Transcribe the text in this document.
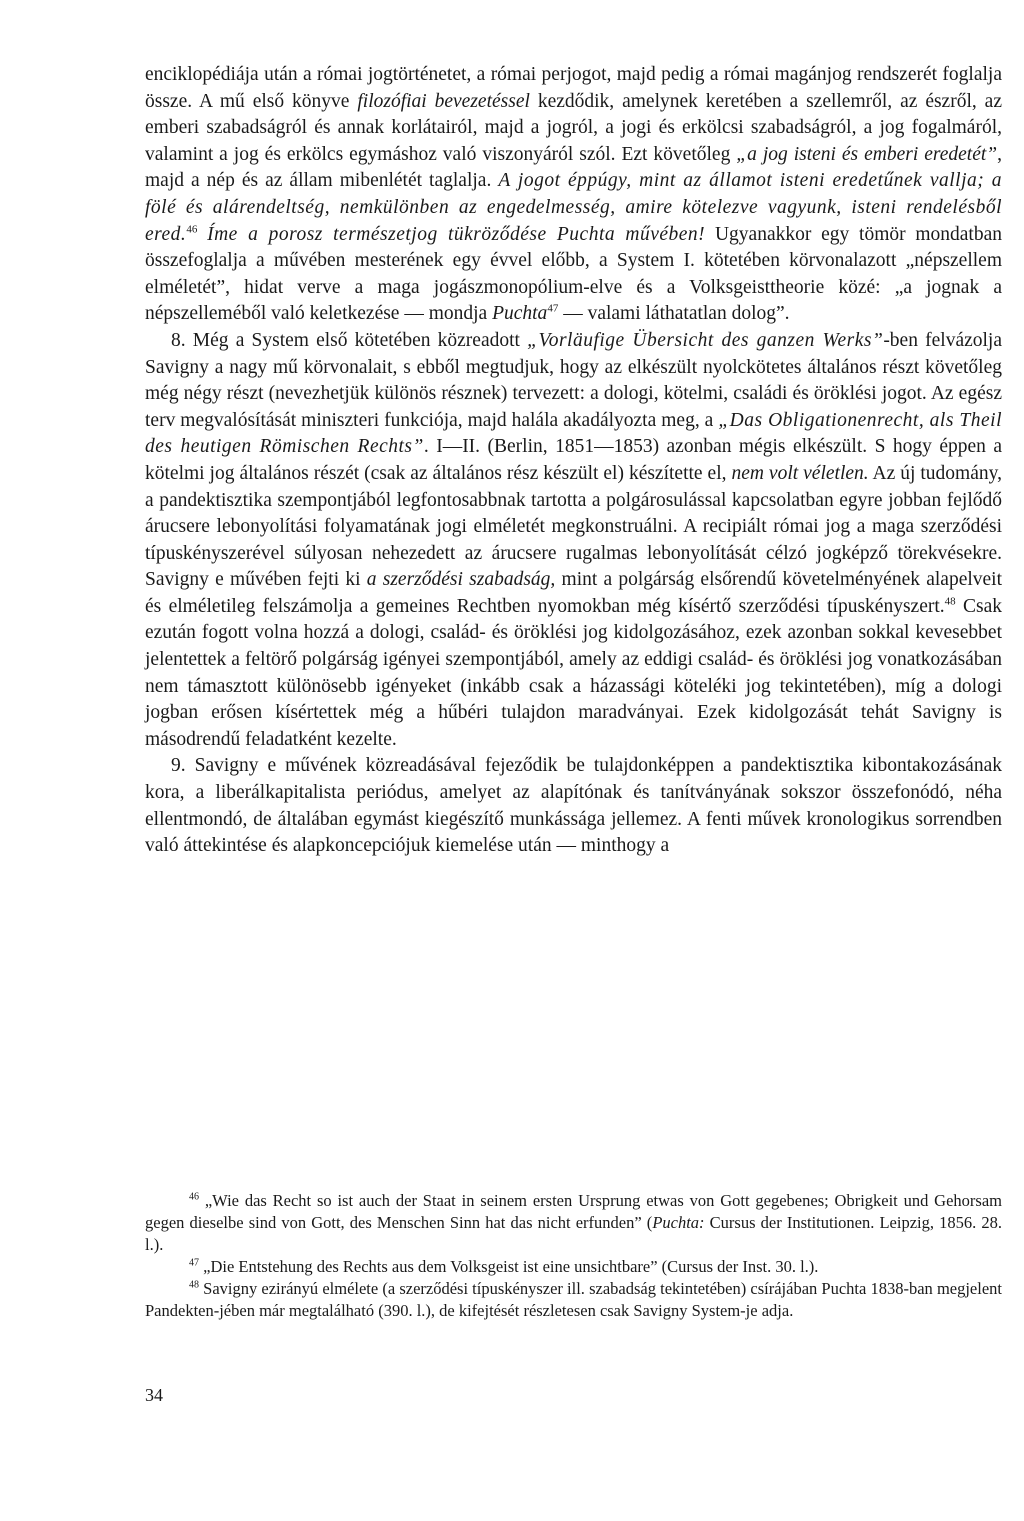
enciklopédiája után a római jogtörténetet, a római perjogot, majd pedig a római magánjog rendszerét foglalja össze. A mű első könyve filozófiai bevezetéssel kezdődik, amelynek keretében a szellemről, az észről, az emberi szabadságról és annak korlátairól, majd a jogról, a jogi és erkölcsi szabadságról, a jog fogalmáról, valamint a jog és erkölcs egymáshoz való viszonyáról szól. Ezt követőleg „a jog isteni és emberi eredetét”, majd a nép és az állam mibenlétét taglalja. A jogot éppúgy, mint az államot isteni eredetűnek vallja; a fölé és alárendeltség, nemkülönben az engedelmesség, amire kötelezve vagyunk, isteni rendelésből ered.$^{46}$ Íme a porosz természetjog tükröződése Puchta művében! Ugyanakkor egy tömör mondatban összefoglalja a művében mesterének egy évvel előbb, a System I. kötetében körvonalazott „népszellem elméletét”, hidat verve a maga jogászmonopólium-elve és a Volksgeisttheorie közé: „a jognak a népszelleméből való keletkezése — mondja Puchta$^{47}$ — valami láthatatlan dolog”.

8. Még a System első kötetében közreadott „Vorläufige Übersicht des ganzen Werks”-ben felvázolja Savigny a nagy mű körvonalait, s ebből megtudjuk, hogy az elkészült nyolckötetes általános részt követőleg még négy részt (nevezhetjük különös résznek) tervezett: a dologi, kötelmi, családi és öröklési jogot. Az egész terv megvalósítását miniszteri funkciója, majd halála akadályozta meg, a „Das Obligationenrecht, als Theil des heutigen Römischen Rechts”. I—II. (Berlin, 1851—1853) azonban mégis elkészült. S hogy éppen a kötelmi jog általános részét (csak az általános rész készült el) készítette el, nem volt véletlen. Az új tudomány, a pandektisztika szempontjából legfontosabbnak tartotta a polgárosulással kapcsolatban egyre jobban fejlődő árucsere lebonyolítási folyamatának jogi elméletét megkonstruálni. A recipiált római jog a maga szerződési típuskényszerével súlyosan nehezedett az árucsere rugalmas lebonyolítását célzó jogképző törekvésekre. Savigny e művében fejti ki a szerződési szabadság, mint a polgárság elsőrendű követelményének alapelveit és elméletileg felszámolja a gemeines Rechtben nyomokban még kísértő szerződési típuskényszert.$^{48}$ Csak ezután fogott volna hozzá a dologi, család- és öröklési jog kidolgozásához, ezek azonban sokkal kevesebbet jelentettek a feltörő polgárság igényei szempontjából, amely az eddigi család- és öröklési jog vonatkozásában nem támasztott különösebb igényeket (inkább csak a házassági köteléki jog tekintetében), míg a dologi jogban erősen kísértettek még a hűbéri tulajdon maradványai. Ezek kidolgozását tehát Savigny is másodrendű feladatként kezelte.

9. Savigny e művének közreadásával fejeződik be tulajdonképpen a pandektisztika kibontakozásának kora, a liberálkapitalista periódus, amelyet az alapítónak és tanítványának sokszor összefonódó, néha ellentmondó, de általában egymást kiegészítő munkássága jellemez. A fenti művek kronologikus sorrendben való áttekintése és alapkoncepciójuk kiemelése után — minthogy a

$^{46}$ „Wie das Recht so ist auch der Staat in seinem ersten Ursprung etwas von Gott gegebenes; Obrigkeit und Gehorsam gegen dieselbe sind von Gott, des Menschen Sinn hat das nicht erfunden” (Puchta: Cursus der Institutionen. Leipzig, 1856. 28. l.).

$^{47}$ „Die Entstehung des Rechts aus dem Volksgeist ist eine unsichtbare” (Cursus der Inst. 30. l.).

$^{48}$ Savigny ezirányú elmélete (a szerződési típuskényszer ill. szabadság tekintetében) csírájában Puchta 1838-ban megjelent Pandekten-jében már megtalálható (390. l.), de kifejtését részletesen csak Savigny System-je adja.

34
